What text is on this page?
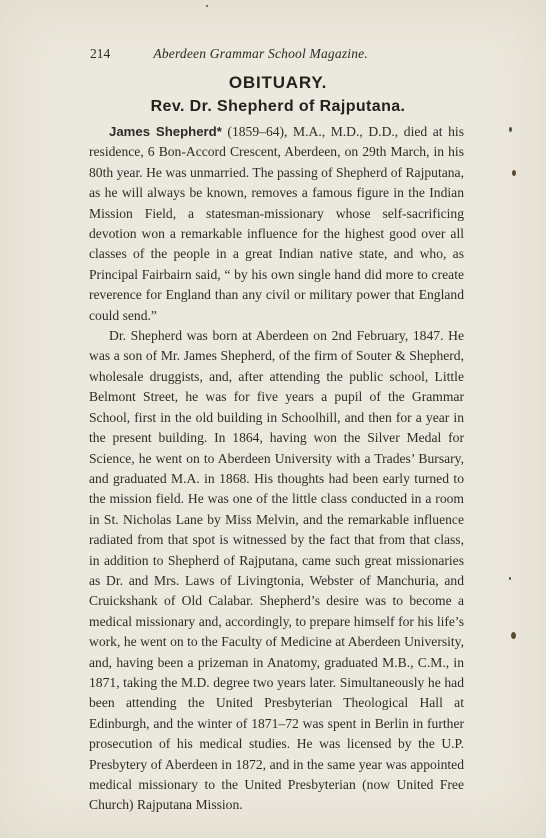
214	Aberdeen Grammar School Magazine.
OBITUARY.
Rev. Dr. Shepherd of Rajputana.

James Shepherd* (1859–64), M.A., M.D., D.D., died at his residence, 6 Bon-Accord Crescent, Aberdeen, on 29th March, in his 80th year. He was unmarried. The passing of Shepherd of Rajputana, as he will always be known, removes a famous figure in the Indian Mission Field, a statesman-missionary whose self-sacrificing devotion won a remarkable influence for the highest good over all classes of the people in a great Indian native state, and who, as Principal Fairbairn said, “ by his own single hand did more to create reverence for England than any civil or military power that England could send.”

Dr. Shepherd was born at Aberdeen on 2nd February, 1847. He was a son of Mr. James Shepherd, of the firm of Souter & Shepherd, wholesale druggists, and, after attending the public school, Little Belmont Street, he was for five years a pupil of the Grammar School, first in the old building in Schoolhill, and then for a year in the present building. In 1864, having won the Silver Medal for Science, he went on to Aberdeen University with a Trades’ Bursary, and graduated M.A. in 1868. His thoughts had been early turned to the mission field. He was one of the little class conducted in a room in St. Nicholas Lane by Miss Melvin, and the remarkable influence radiated from that spot is witnessed by the fact that from that class, in addition to Shepherd of Rajputana, came such great missionaries as Dr. and Mrs. Laws of Livingtonia, Webster of Manchuria, and Cruickshank of Old Calabar. Shepherd’s desire was to become a medical missionary and, accordingly, to prepare himself for his life’s work, he went on to the Faculty of Medicine at Aberdeen University, and, having been a prizeman in Anatomy, graduated M.B., C.M., in 1871, taking the M.D. degree two years later. Simultaneously he had been attending the United Presbyterian Theological Hall at Edinburgh, and the winter of 1871–72 was spent in Berlin in further prosecution of his medical studies. He was licensed by the U.P. Presbytery of Aberdeen in 1872, and in the same year was appointed medical missionary to the United Presbyterian (now United Free Church) Rajputana Mission.
